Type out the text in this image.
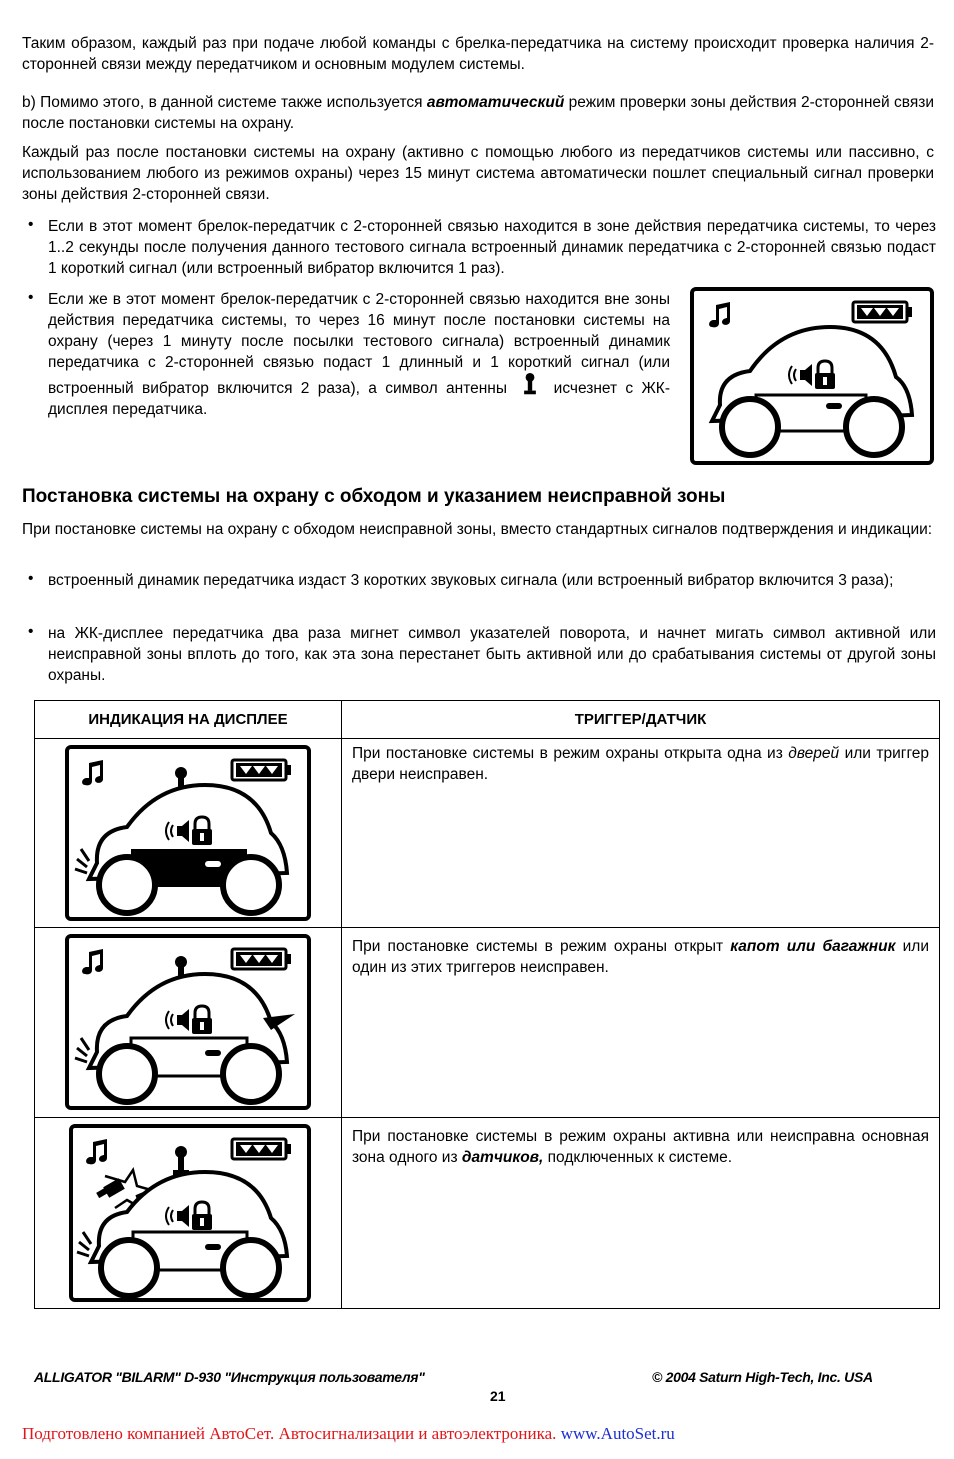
Таким образом, каждый раз при подаче любой команды с брелка-передатчика на систему происходит проверка наличия 2-сторонней связи между передатчиком и основным модулем системы.

b) Помимо этого, в данной системе также используется автоматический режим проверки зоны действия 2-сторонней связи после постановки системы на охрану.

Каждый раз после постановки системы на охрану (активно с помощью любого из передатчиков системы или пассивно, с использованием любого из режимов охраны) через 15 минут система автоматически пошлет специальный сигнал проверки зоны действия 2-сторонней связи.

• Если в этот момент брелок-передатчик с 2-сторонней связью находится в зоне действия передатчика системы, то через 1..2 секунды после получения данного тестового сигнала встроенный динамик передатчика с 2-сторонней связью подаст 1 короткий сигнал (или встроенный вибратор включится 1 раз).

• Если же в этот момент брелок-передатчик с 2-сторонней связью находится вне зоны действия передатчика системы, то через 16 минут после постановки системы на охрану (через 1 минуту после посылки тестового сигнала) встроенный динамик передатчика с 2-сторонней связью подаст 1 длинный и 1 короткий сигнал (или встроенный вибратор включится 2 раза), а символ антенны	исчезнет с ЖК-дисплея передатчика.

Постановка системы на охрану с обходом и указанием неисправной зоны

При постановке системы на охрану с обходом неисправной зоны, вместо стандартных сигналов подтверждения и индикации:

• встроенный динамик передатчика издаст 3 коротких звуковых сигнала (или встроенный вибратор включится 3 раза);

• на ЖК-дисплее передатчика два раза мигнет символ указателей поворота, и начнет мигать символ активной или неисправной зоны вплоть до того, как эта зона перестанет быть активной или до срабатывания системы от другой зоны охраны.

ИНДИКАЦИЯ НА ДИСПЛЕЕ	ТРИГГЕР/ДАТЧИК

При постановке системы в режим охраны открыта одна из дверей или триггер двери неисправен.

При постановке системы в режим охраны открыт капот или багажник или один из этих триггеров неисправен.

При постановке системы в режим охраны активна или неисправна основная зона одного из датчиков, подключенных к системе.
ALLIGATOR "BILARM" D-930 "Инструкция пользователя"	© 2004 Saturn High-Tech, Inc. USA
21
Подготовлено компанией АвтоСет. Автосигнализации и автоэлектроника. www.AutoSet.ru
